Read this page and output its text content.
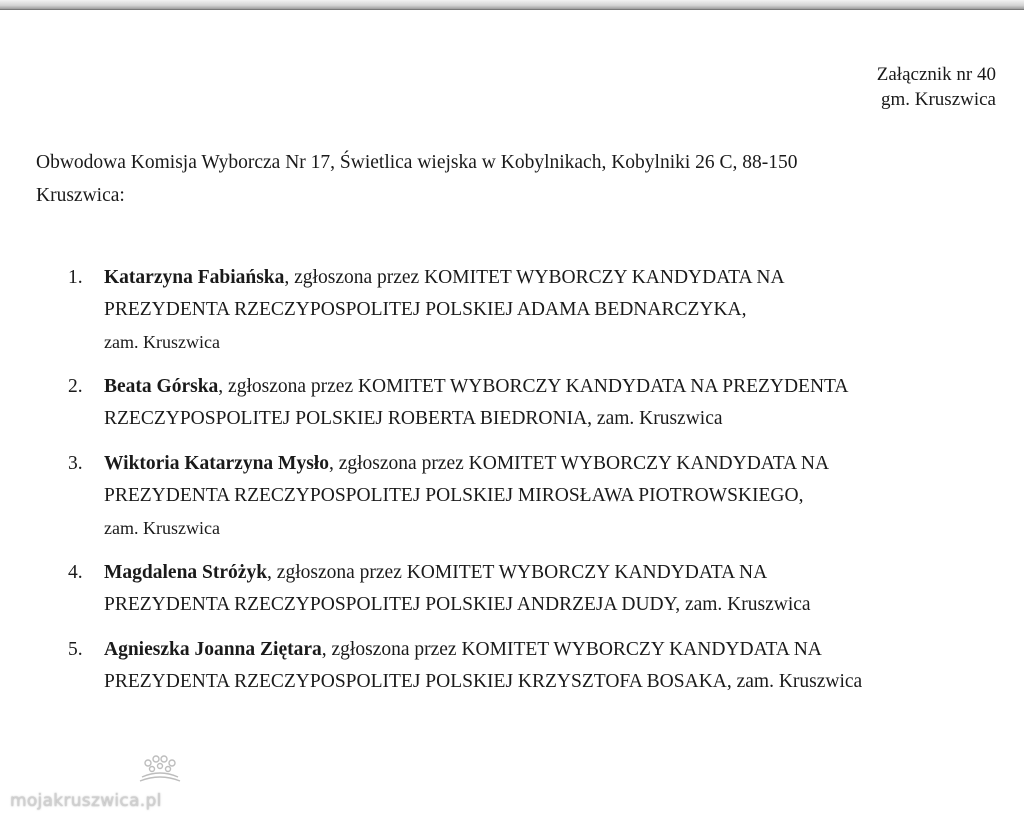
Załącznik nr 40
gm. Kruszwica
Obwodowa Komisja Wyborcza Nr 17, Świetlica wiejska w Kobylnikach, Kobylniki 26 C, 88-150
Kruszwica:
1. Katarzyna Fabiańska, zgłoszona przez KOMITET WYBORCZY KANDYDATA NA
PREZYDENTA RZECZYPOSPOLITEJ POLSKIEJ ADAMA BEDNARCZYKA,
zam. Kruszwica
2. Beata Górska, zgłoszona przez KOMITET WYBORCZY KANDYDATA NA PREZYDENTA
RZECZYPOSPOLITEJ POLSKIEJ ROBERTA BIEDRONIA, zam. Kruszwica
3. Wiktoria Katarzyna Mysło, zgłoszona przez KOMITET WYBORCZY KANDYDATA NA
PREZYDENTA RZECZYPOSPOLITEJ POLSKIEJ MIROSŁAWA PIOTROWSKIEGO,
zam. Kruszwica
4. Magdalena Stróżyk, zgłoszona przez KOMITET WYBORCZY KANDYDATA NA
PREZYDENTA RZECZYPOSPOLITEJ POLSKIEJ ANDRZEJA DUDY, zam. Kruszwica
5. Agnieszka Joanna Ziętara, zgłoszona przez KOMITET WYBORCZY KANDYDATA NA
PREZYDENTA RZECZYPOSPOLITEJ POLSKIEJ KRZYSZTOFA BOSAKA, zam. Kruszwica
mojakruszwica.pl
